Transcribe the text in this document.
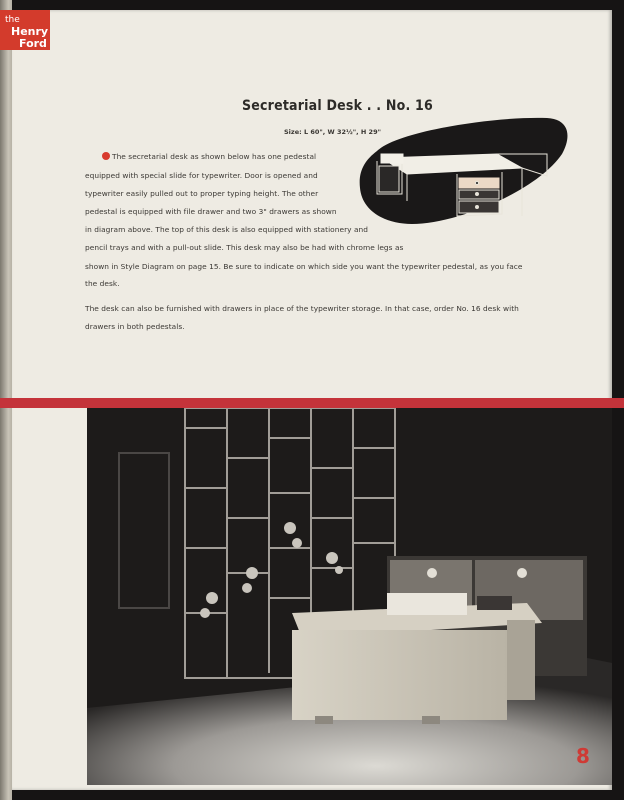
Secretarial Desk . . No. 16
Size: L 60", W 32½", H 29"
The secretarial desk as shown below has one pedestal
equipped with special slide for typewriter. Door is opened and
typewriter easily pulled out to proper typing height. The other
pedestal is equipped with file drawer and two 3" drawers as shown
in diagram above. The top of this desk is also equipped with stationery and
pencil trays and with a pull-out slide. This desk may also be had with chrome legs as
shown in Style Diagram on page 15. Be sure to indicate on which side you want the typewriter pedestal, as you face
the desk.
The desk can also be furnished with drawers in place of the typewriter storage. In that case, order No. 16 desk with
drawers in both pedestals.
the
Henry
Ford
8
